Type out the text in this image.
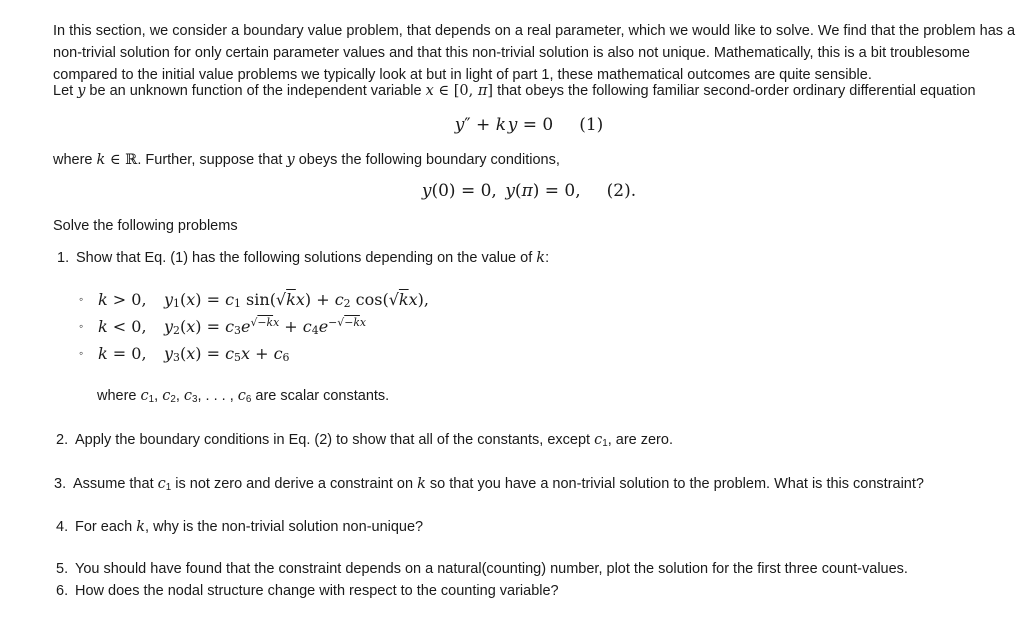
In this section, we consider a boundary value problem, that depends on a real parameter, which we would like to solve. We find that the problem has a non-trivial solution for only certain parameter values and that this non-trivial solution is also not unique. Mathematically, this is a bit troublesome compared to the initial value problems we typically look at but in light of part 1, these mathematical outcomes are quite sensible.

Let y be an unknown function of the independent variable x ∈ [0, π] that obeys the following familiar second-order ordinary differential equation
y″ + k  y = 0 (1)
where k ∈ ℝ. Further, suppose that y obeys the following boundary conditions,
y(0) = 0, y(π) = 0, (2).
Solve the following problems
1. Show that Eq. (1) has the following solutions depending on the value of k:
◦ k > 0,	$y_1(x) = c_1$ $\sin(√kx) + c_2$ cos(√kx),
◦ k < 0,	$y_2(x) = c_3e^{√-kx} + c_4e^{-√-kx}$
◦ k = 0,	$y_3(x) = c_5x + c_6$
where $c_1$, $c_2$, $c_3$, . . . , $c_6$ are scalar constants.
2. Apply the boundary conditions in Eq. (2) to show that all of the constants, except $c_1$, are zero.
3. Assume that $c_1$ is not zero and derive a constraint on k so that you have a non-trivial solution to the problem. What is this constraint?
4. For each k, why is the non-trivial solution non-unique?
5. You should have found that the constraint depends on a natural(counting) number, plot the solution for the first three count-values.
6. How does the nodal structure change with respect to the counting variable?
